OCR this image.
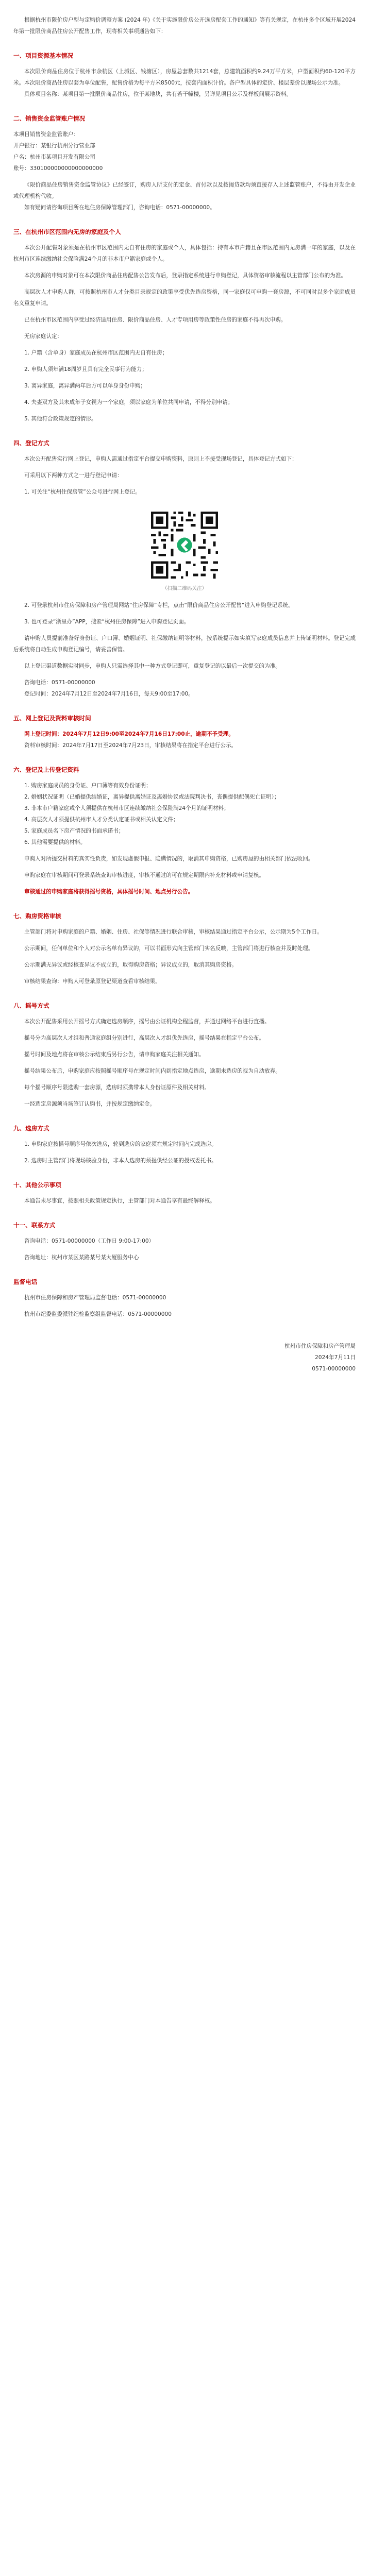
根据杭州市限价房户型与定购价调整方案 (2024 年)《关于实施限价房公开选房配套工作的通知》等有关规定，在杭州多个区域开展2024年第一批限价商品住房公开配售工作，现将相关事项通告如下：

一、项目资源基本情况

本次限价商品住房位于杭州市余杭区（上城区、钱塘区），房屋总套数共1214套，总建筑面积约9.24万平方米，户型面积约60-120平方米。本次限价商品住房以套为单位配售，配售价格为每平方米8500元，按套内面积计价。各户型具体的定价、楼层差价以现场公示为准。

具体项目名称：某项目第一批限价商品住房，位于某地块，共有若干幢楼，另详见项目公示及样板间展示资料。

二、销售资金监管账户情况
本项目销售资金监管账户：
开户银行：某银行杭州分行营业部
户名：杭州市某项目开发有限公司
账号：330100000000000000000

《限价商品住房销售资金监管协议》已经签订，购房人所支付的定金、首付款以及按揭贷款均须直接存入上述监管账户，不得由开发企业或代理机构代收。

如有疑问请咨询项目所在地住房保障管理部门，咨询电话：0571-00000000。

三、在杭州市区范围内无房的家庭及个人

本次公开配售对象须是在杭州市区范围内无自有住房的家庭或个人，具体包括：持有本市户籍且在市区范围内无房满一年的家庭，以及在杭州市区连续缴纳社会保险满24个月的非本市户籍家庭或个人。

本次房源的申购对象可在本次限价商品住房配售公告发布后，登录指定系统进行申购登记，具体资格审核流程以主管部门公布的为准。

高层次人才申购人群，可按照杭州市人才分类目录规定的政策享受优先选房资格，同一家庭仅可申购一套房源，不可同时以多个家庭成员名义重复申请。

已在杭州市区范围内享受过经济适用住房、限价商品住房、人才专项用房等政策性住房的家庭不得再次申购。

无房家庭认定：

1. 户籍（含单身）家庭成员在杭州市区范围内无自有住房；

2. 申购人须年满18周岁且具有完全民事行为能力；

3. 离异家庭，离异满两年后方可以单身身份申购；

4. 夫妻双方及其未成年子女视为一个家庭，须以家庭为单位共同申请，不得分别申请；

5. 其他符合政策规定的情形。

四、登记方式

本次公开配售实行网上登记，申购人需通过指定平台提交申购资料，原则上不接受现场登记，具体登记方式如下：

可采用以下两种方式之一进行登记申请：

1. 可关注“杭州住保房管”公众号进行网上登记。

（扫描二维码关注）

2. 可登录杭州市住房保障和房产管理局网站“住房保障”专栏，点击“限价商品住房公开配售”进入申购登记系统。

3. 也可登录“浙里办”APP，搜索“杭州住房保障”进入申购登记页面。

请申购人员提前准备好身份证、户口簿、婚姻证明、社保缴纳证明等材料，按系统提示如实填写家庭成员信息并上传证明材料。登记完成后系统将自动生成申购登记编号，请妥善保管。

以上登记渠道数据实时同步，申购人只需选择其中一种方式登记即可，重复登记的以最后一次提交的为准。

咨询电话：0571-00000000

登记时间：2024年7月12日至2024年7月16日，每天9:00至17:00。

五、网上登记及资料审核时间

网上登记时间：2024年7月12日9:00至2024年7月16日17:00止，逾期不予受理。

资料审核时间：2024年7月17日至2024年7月23日，审核结果将在指定平台进行公示。

六、登记及上传登记资料

1. 购房家庭成员的身份证、户口簿等有效身份证明；

2. 婚姻状况证明（已婚提供结婚证，离异提供离婚证及离婚协议或法院判决书，丧偶提供配偶死亡证明）；

3. 非本市户籍家庭或个人须提供在杭州市区连续缴纳社会保险满24个月的证明材料；

4. 高层次人才须提供杭州市人才分类认定证书或相关认定文件；

5. 家庭成员名下房产情况的书面承诺书；

6. 其他需要提供的材料。

申购人对所提交材料的真实性负责，如发现虚假申报、隐瞒情况的，取消其申购资格，已购房屋的由相关部门依法收回。

申购家庭在审核期间可登录系统查询审核进度，审核不通过的可在规定期限内补充材料或申请复核。

审核通过的申购家庭将获得摇号资格，具体摇号时间、地点另行公告。

七、购房资格审核

主管部门将对申购家庭的户籍、婚姻、住房、社保等情况进行联合审核，审核结果通过指定平台公示，公示期为5个工作日。

公示期间，任何单位和个人对公示名单有异议的，可以书面形式向主管部门实名反映，主管部门将进行核查并及时处理。

公示期满无异议或经核查异议不成立的，取得购房资格；异议成立的，取消其购房资格。

审核结果查询：申购人可登录原登记渠道查看审核结果。

八、摇号方式

本次公开配售采用公开摇号方式确定选房顺序，摇号由公证机构全程监督，并通过网络平台进行直播。

摇号分为高层次人才组和普通家庭组分别进行，高层次人才组优先选房，摇号结果在指定平台公布。

摇号时间及地点将在审核公示结束后另行公告，请申购家庭关注相关通知。

摇号结果公布后，申购家庭应按照摇号顺序号在规定时间内到指定地点选房，逾期未选房的视为自动放弃。

每个摇号顺序号限选购一套房源，选房时须携带本人身份证原件及相关材料。

一经选定房源须当场签订认购书，并按规定缴纳定金。

九、选房方式

1. 申购家庭按摇号顺序号依次选房，轮到选房的家庭须在规定时间内完成选房。

2. 选房时主管部门将现场核验身份，非本人选房的须提供经公证的授权委托书。

十、其他公示事项

本通告未尽事宜，按照相关政策规定执行，主管部门对本通告享有最终解释权。

十一、联系方式

咨询电话：0571-00000000（工作日 9:00-17:00）

咨询地址：杭州市某区某路某号某大厦服务中心

监督电话

杭州市住房保障和房产管理局监督电话：0571-00000000

杭州市纪委监委派驻纪检监察组监督电话：0571-00000000

杭州市住房保障和房产管理局
2024年7月11日
0571-00000000
